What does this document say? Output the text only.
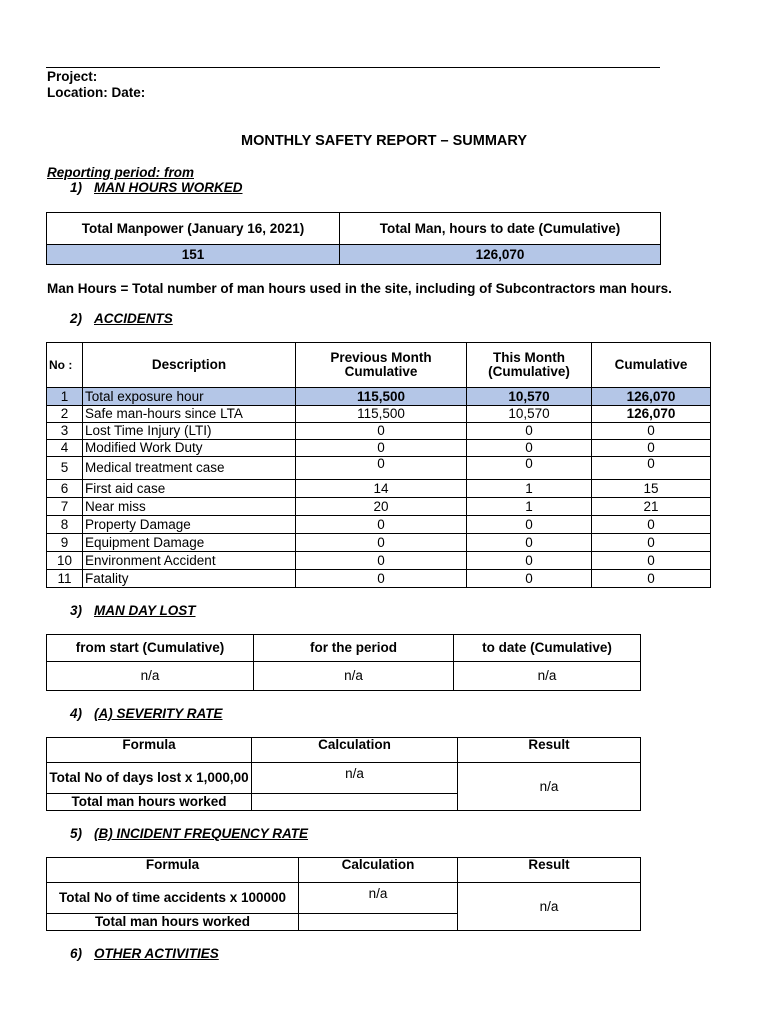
Project:
Location: Date:
MONTHLY SAFETY REPORT – SUMMARY
Reporting period: from
1) MAN HOURS WORKED
Total Manpower (January 16, 2021)	Total Man, hours to date (Cumulative)
151	126,070
Man Hours = Total number of man hours used in the site, including of Subcontractors man hours.
2) ACCIDENTS
No :	Description	Previous Month Cumulative	This Month (Cumulative)	Cumulative
1	Total exposure hour	115,500	10,570	126,070
2	Safe man-hours since LTA	115,500	10,570	126,070
3	Lost Time Injury (LTI)	0	0	0
4	Modified Work Duty	0	0	0
5	Medical treatment case	0	0	0
6	First aid case	14	1	15
7	Near miss	20	1	21
8	Property Damage	0	0	0
9	Equipment Damage	0	0	0
10	Environment Accident	0	0	0
11	Fatality	0	0	0
3) MAN DAY LOST
from start (Cumulative)	for the period	to date (Cumulative)
n/a	n/a	n/a
4) (A) SEVERITY RATE
Formula	Calculation	Result
Total No of days lost x 1,000,00	n/a	n/a
Total man hours worked		
5) (B) INCIDENT FREQUENCY RATE
Formula	Calculation	Result
Total No of time accidents x 100000	n/a	n/a
Total man hours worked		
6) OTHER ACTIVITIES
